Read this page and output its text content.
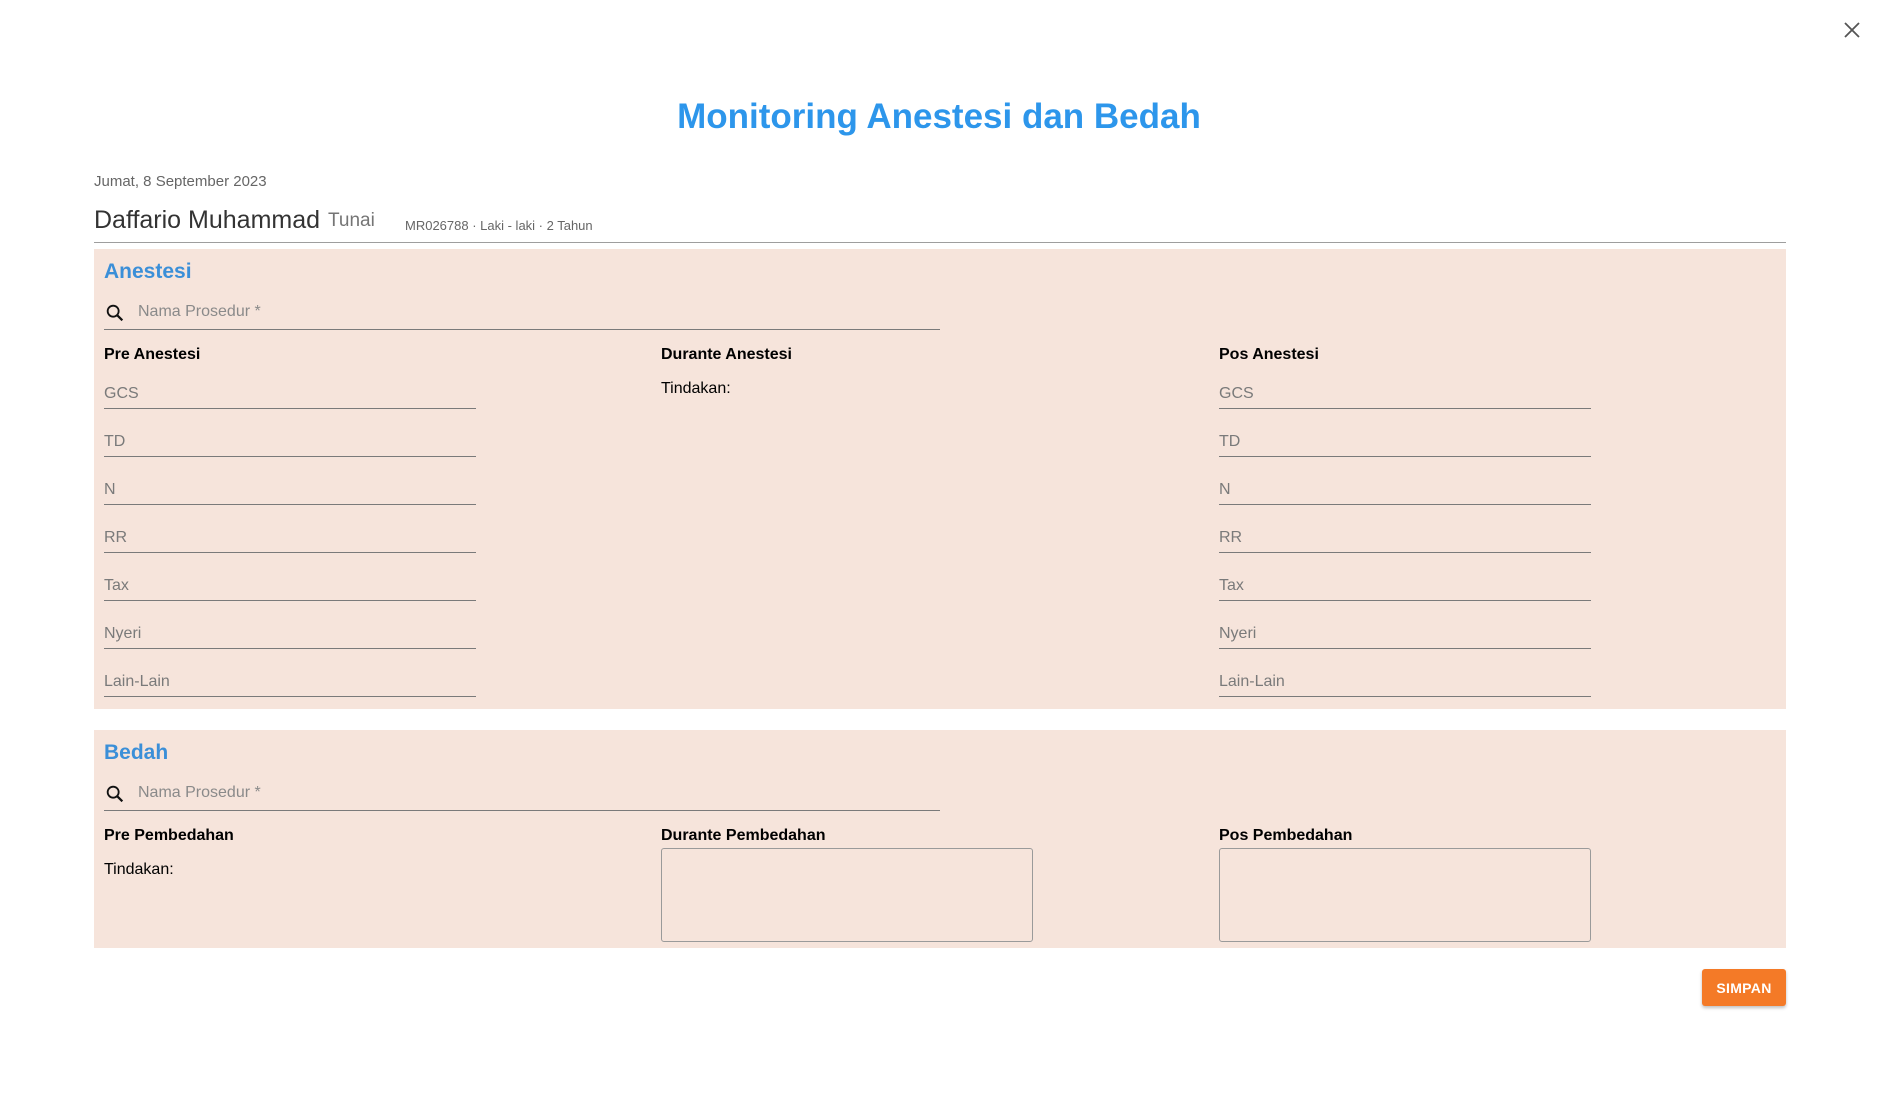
Monitoring Anestesi dan Bedah
Jumat, 8 September 2023
Daffario Muhammad Tunai MR026788 · Laki - laki · 2 Tahun
Anestesi
Nama Prosedur *
Pre Anestesi
GCS
TD
N
RR
Tax
Nyeri
Lain-Lain	Durante Anestesi
Tindakan:
Pos Anestesi
GCS
TD
N
RR
Tax
Nyeri
Lain-Lain
Bedah
Nama Prosedur *
Pre Pembedahan
Tindakan:
Durante Pembedahan	Pos Pembedahan
SIMPAN
